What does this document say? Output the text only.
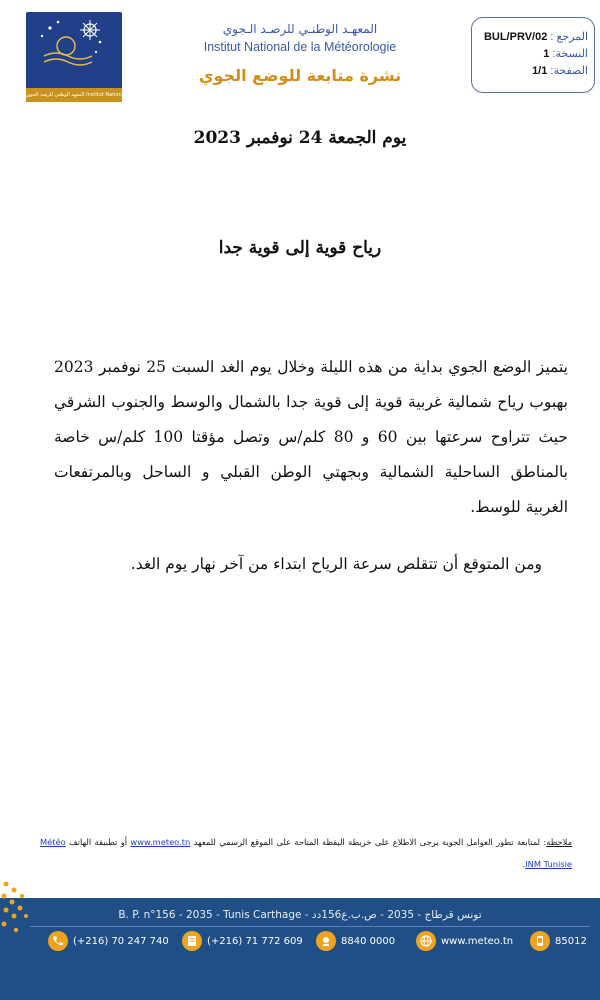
المعهد الوطني للرصد الجوي Institut National de la Météorologie
المعهـد الوطنـي للرصـد الـجوي
Institut National de la Météorologie
نشرة متابعة للوضع الجوي
المرجع : BUL/PRV/02
النسخة: 1
الصفحة: 1/1
يوم الجمعة 24 نوفمبر 2023
رياح قوية إلى قوية جدا
يتميز الوضع الجوي بداية من هذه الليلة وخلال يوم الغد السبت 25 نوفمبر 2023 بهبوب رياح شمالية غربية قوية إلى قوية جدا بالشمال والوسط والجنوب الشرقي حيث تتراوح سرعتها بين 60 و 80 كلم/س وتصل مؤقتا 100 كلم/س خاصة بالمناطق الساحلية الشمالية وبجهتي الوطن القبلي و الساحل وبالمرتفعات الغربية للوسط.
ومن المتوقع أن تتقلص سرعة الرياح ابتداء من آخر نهار يوم الغد.
ملاحظة: لمتابعة تطور العوامل الجوية يرجى الاطلاع على خريطة اليقظة المتاحة على الموقع الرسمي للمعهد www.meteo.tn أو تطبيقة الهاتف Météo INM Tunisie.
B. P. n°156 - 2035 - Tunis Carthage - تونس قرطاج - 2035 - ص.ب.ع156دد
(+216) 70 247 740	(+216) 71 772 609	8840 0000	www.meteo.tn	85012
